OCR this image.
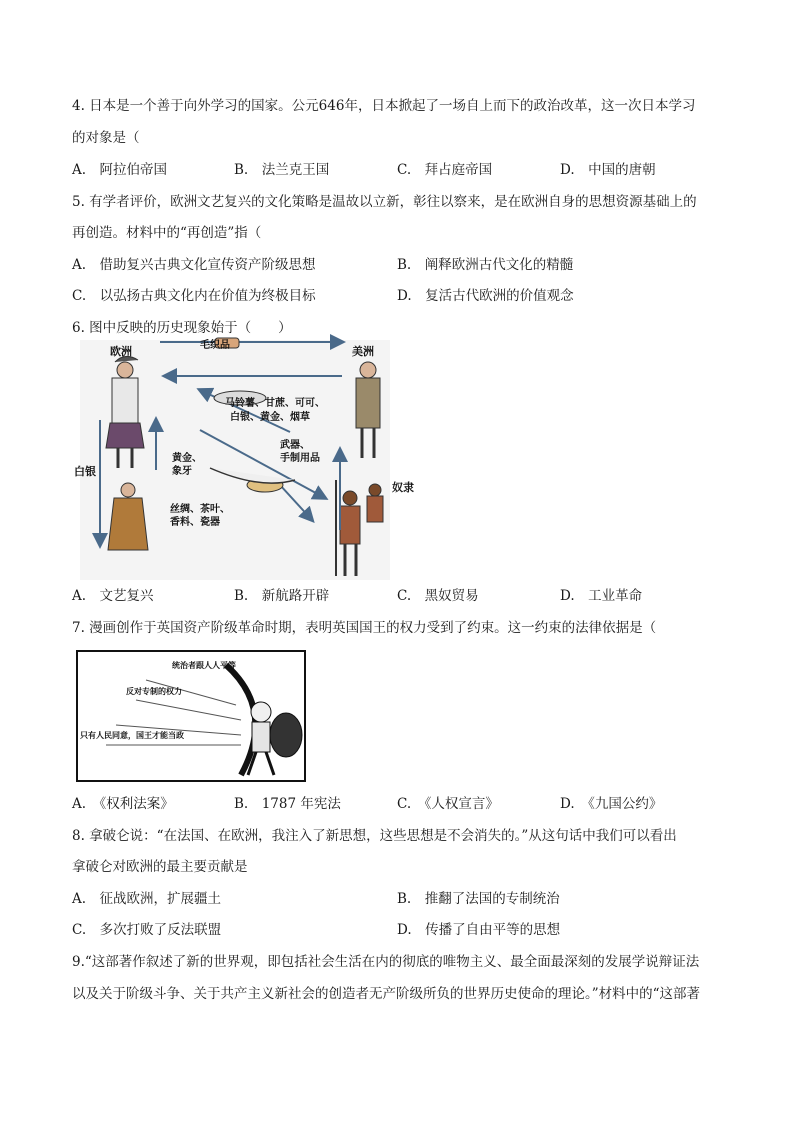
4. 日本是一个善于向外学习的国家。公元646年，日本掀起了一场自上而下的政治改革，这一次日本学习
的对象是（
A.　阿拉伯帝国	B.　法兰克王国	C.　拜占庭帝国	D.　中国的唐朝
5. 有学者评价，欧洲文艺复兴的文化策略是温故以立新，彰往以察来，是在欧洲自身的思想资源基础上的
再创造。材料中的“再创造”指（
A.　借助复兴古典文化宣传资产阶级思想	B.　阐释欧洲古代文化的精髓
C.　以弘扬古典文化内在价值为终极目标	D.　复活古代欧洲的价值观念
6. 图中反映的历史现象始于（　　）
欧洲	美洲
毛织品
马铃薯、甘蔗、可可、
白银、黄金、烟草
武器、
手制用品
黄金、
象牙
白银
丝绸、茶叶、
香料、瓷器
奴隶
A.　文艺复兴	B.　新航路开辟	C.　黑奴贸易	D.　工业革命
7. 漫画创作于英国资产阶级革命时期，表明英国国王的权力受到了约束。这一约束的法律依据是（
统治者跟人人平等
反对专制的权力
只有人民同意，国王才能当政
A.　《权利法案》	B.　1787 年宪法	C.　《人权宣言》	D.　《九国公约》
8. 拿破仑说：“在法国、在欧洲，我注入了新思想，这些思想是不会消失的。”从这句话中我们可以看出
拿破仑对欧洲的最主要贡献是
A.　征战欧洲，扩展疆土	B.　推翻了法国的专制统治
C.　多次打败了反法联盟	D.　传播了自由平等的思想
9.“这部著作叙述了新的世界观，即包括社会生活在内的彻底的唯物主义、最全面最深刻的发展学说辩证法
以及关于阶级斗争、关于共产主义新社会的创造者无产阶级所负的世界历史使命的理论。”材料中的“这部著
